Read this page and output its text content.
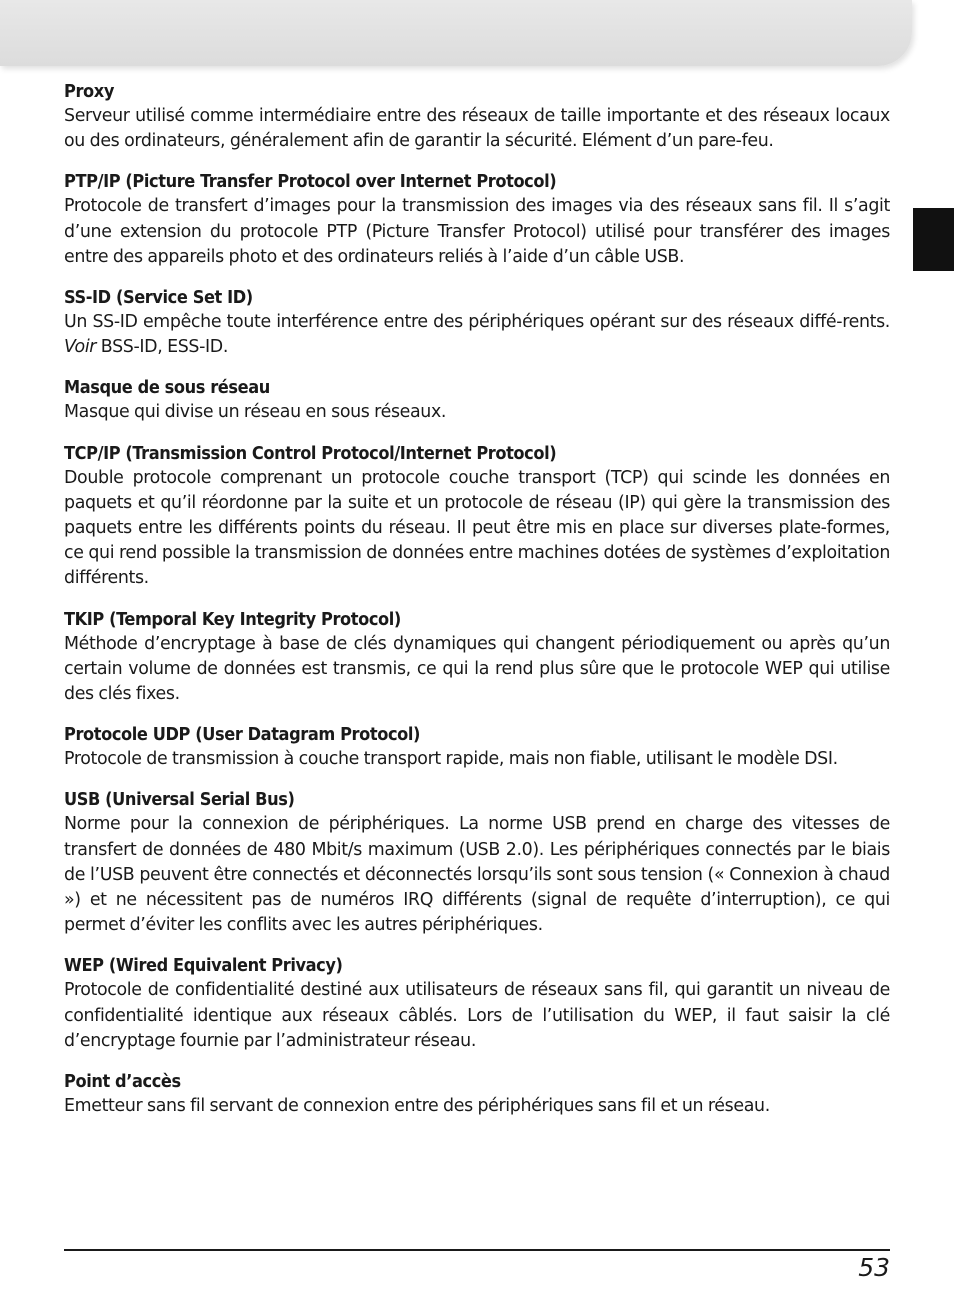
Proxy
Serveur utilisé comme intermédiaire entre des réseaux de taille importante et des réseaux locaux ou des ordinateurs, généralement afin de garantir la sécurité. Elément d’un pare-feu.
PTP/IP (Picture Transfer Protocol over Internet Protocol)
Protocole de transfert d’images pour la transmission des images via des réseaux sans fil. Il s’agit d’une extension du protocole PTP (Picture Transfer Protocol) utilisé pour transférer des images entre des appareils photo et des ordinateurs reliés à l’aide d’un câble USB.
SS-ID (Service Set ID)
Un SS-ID empêche toute interférence entre des périphériques opérant sur des réseaux diffé-rents. Voir BSS-ID, ESS-ID.
Masque de sous réseau
Masque qui divise un réseau en sous réseaux.
TCP/IP (Transmission Control Protocol/Internet Protocol)
Double protocole comprenant un protocole couche transport (TCP) qui scinde les données en paquets et qu’il réordonne par la suite et un protocole de réseau (IP) qui gère la transmission des paquets entre les différents points du réseau. Il peut être mis en place sur diverses plate-formes, ce qui rend possible la transmission de données entre machines dotées de systèmes d’exploitation différents.
TKIP (Temporal Key Integrity Protocol)
Méthode d’encryptage à base de clés dynamiques qui changent périodiquement ou après qu’un certain volume de données est transmis, ce qui la rend plus sûre que le protocole WEP qui utilise des clés fixes.
Protocole UDP (User Datagram Protocol)
Protocole de transmission à couche transport rapide, mais non fiable, utilisant le modèle DSI.
USB (Universal Serial Bus)
Norme pour la connexion de périphériques. La norme USB prend en charge des vitesses de transfert de données de 480 Mbit/s maximum (USB 2.0). Les périphériques connectés par le biais de l’USB peuvent être connectés et déconnectés lorsqu’ils sont sous tension (« Connexion à chaud ») et ne nécessitent pas de numéros IRQ différents (signal de requête d’interruption), ce qui permet d’éviter les conflits avec les autres périphériques.
WEP (Wired Equivalent Privacy)
Protocole de confidentialité destiné aux utilisateurs de réseaux sans fil, qui garantit un niveau de confidentialité identique aux réseaux câblés. Lors de l’utilisation du WEP, il faut saisir la clé d’encryptage fournie par l’administrateur réseau.
Point d’accès
Emetteur sans fil servant de connexion entre des périphériques sans fil et un réseau.
53
